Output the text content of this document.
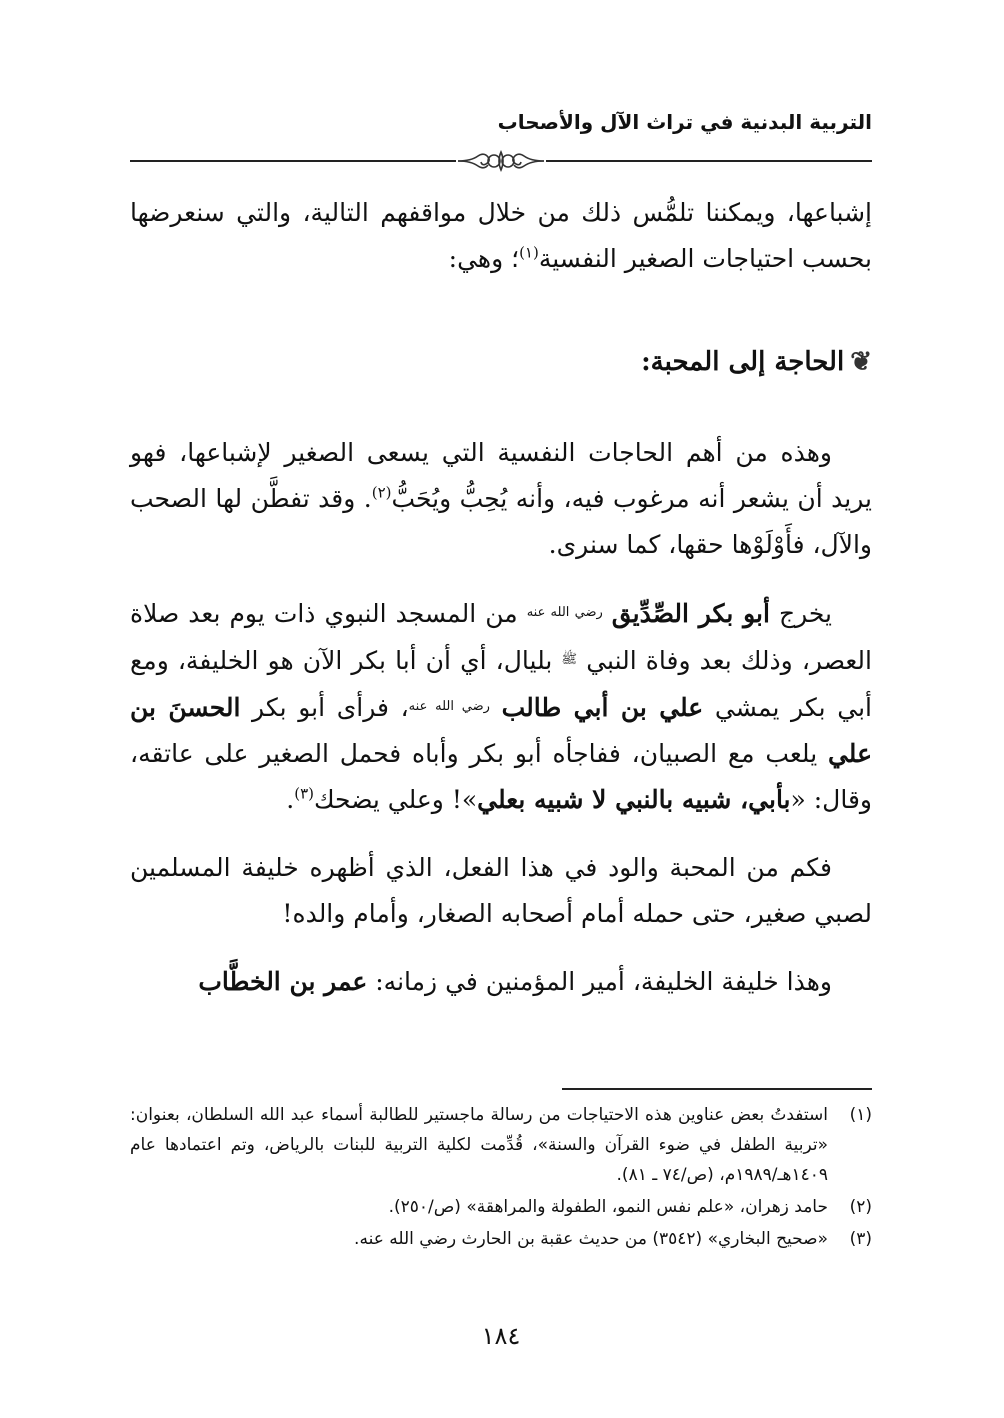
التربية البدنية في تراث الآل والأصحاب

إشباعها، ويمكننا تلمُّس ذلك من خلال مواقفهم التالية، والتي سنعرضها بحسب احتياجات الصغير النفسية$^{(١)}$؛ وهي:

❦الحاجة إلى المحبة:

وهذه من أهم الحاجات النفسية التي يسعى الصغير لإشباعها، فهو يريد أن يشعر أنه مرغوب فيه، وأنه يُحِبُّ ويُحَبُّ$^{(٢)}$. وقد تفطَّن لها الصحب والآل، فأَوْلَوْها حقها، كما سنرى.

يخرج أبو بكر الصِّدِّيق $^{رضي الله عنه}$ من المسجد النبوي ذات يوم بعد صلاة العصر، وذلك بعد وفاة النبي $^ﷺ$ بليال، أي أن أبا بكر الآن هو الخليفة، ومع أبي بكر يمشي علي بن أبي طالب $^{رضي الله عنه}$، فرأى أبو بكر الحسنَ بن علي يلعب مع الصبيان، ففاجأه أبو بكر وأباه فحمل الصغير على عاتقه، وقال: «بأبي، شبيه بالنبي لا شبيه بعلي»! وعلي يضحك$^{(٣)}$.

فكم من المحبة والود في هذا الفعل، الذي أظهره خليفة المسلمين لصبي صغير، حتى حمله أمام أصحابه الصغار، وأمام والده!

وهذا خليفة الخليفة، أمير المؤمنين في زمانه: عمر بن الخطَّاب

(١)
استفدتُ بعض عناوين هذه الاحتياجات من رسالة ماجستير للطالبة أسماء عبد الله السلطان، بعنوان: «تربية الطفل في ضوء القرآن والسنة»، قُدِّمت لكلية التربية للبنات بالرياض، وتم اعتمادها عام ١٤٠٩هـ/١٩٨٩م، (ص/٧٤ ـ ٨١).
(٢)
حامد زهران، «علم نفس النمو، الطفولة والمراهقة» (ص/٢٥٠).
(٣)
«صحيح البخاري» (٣٥٤٢) من حديث عقبة بن الحارث رضي الله عنه.
١٨٤
